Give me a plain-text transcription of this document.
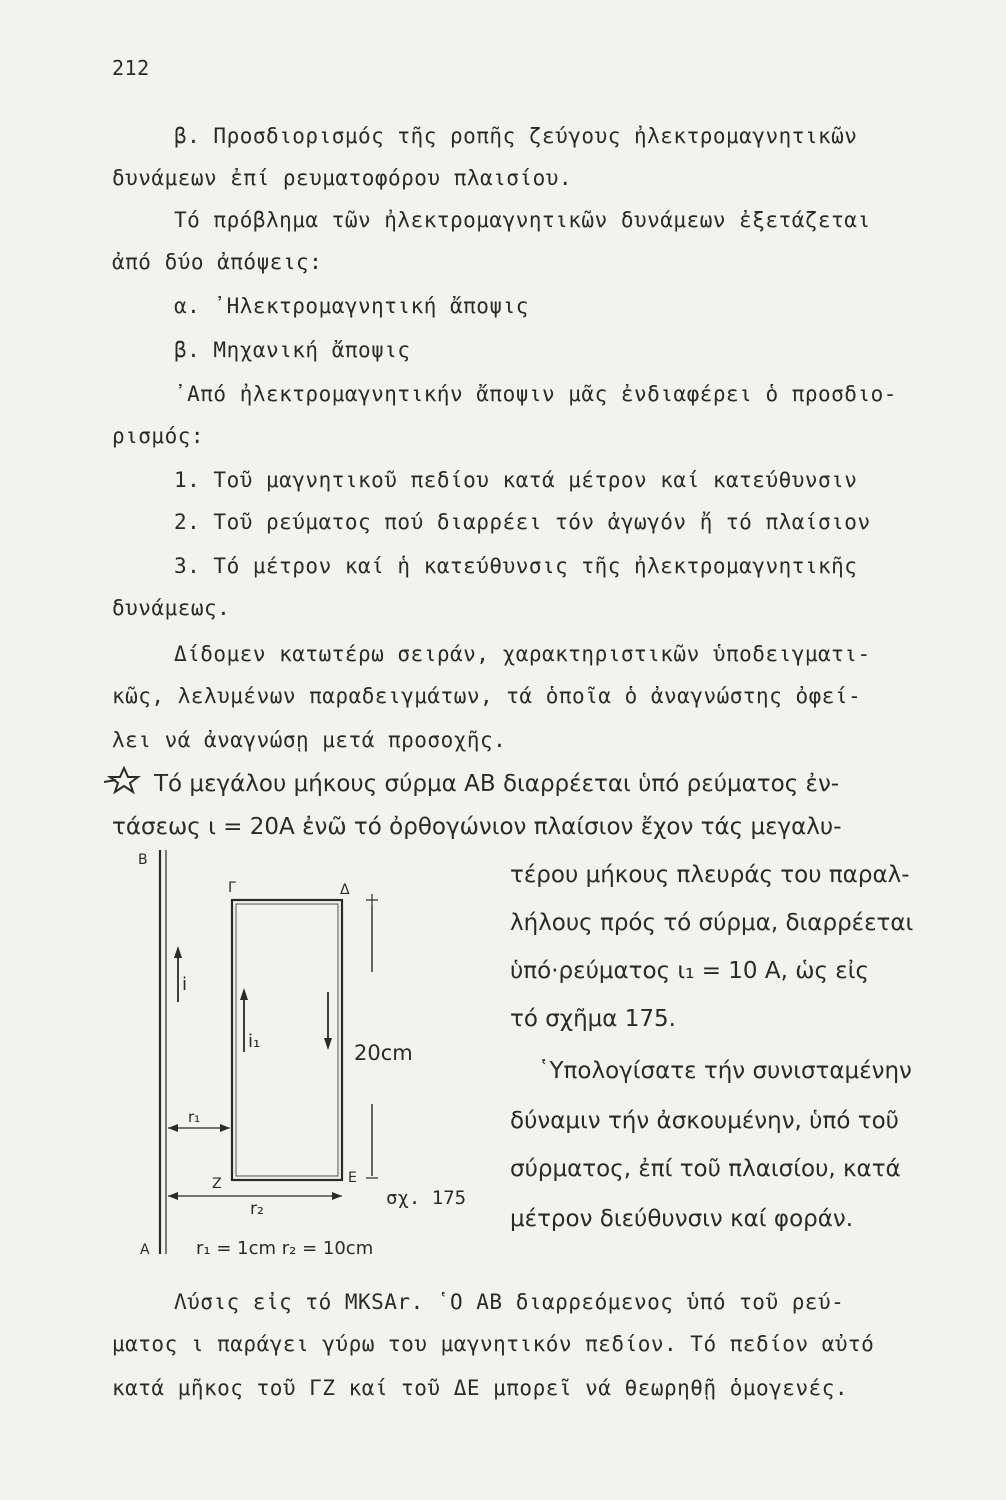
212
β. Προσδιορισμός τῆς ροπῆς ζεύγους ἠλεκτρομαγνητικῶν
δυνάμεων ἐπί ρευματοφόρου πλαισίου.
Τό πρόβλημα τῶν ἠλεκτρομαγνητικῶν δυνάμεων ἐξετάζεται
ἀπό δύο ἀπόψεις:
α. ᾿Ηλεκτρομαγνητική ἄποψις
β. Μηχανική ἄποψις
᾿Από ἠλεκτρομαγνητικήν ἄποψιν μᾶς ἐνδιαφέρει ὁ προσδιο-
ρισμός:
1. Τοῦ μαγνητικοῦ πεδίου κατά μέτρον καί κατεύθυνσιν
2. Τοῦ ρεύματος πού διαρρέει τόν ἀγωγόν ἤ τό πλαίσιον
3. Τό μέτρον καί ἡ κατεύθυνσις τῆς ἠλεκτρομαγνητικῆς
δυνάμεως.
Δίδομεν κατωτέρω σειράν, χαρακτηριστικῶν ὑποδειγματι-
κῶς, λελυμένων παραδειγμάτων, τά ὁποῖα ὁ ἀναγνώστης ὀφεί-
λει νά ἀναγνώσῃ μετά προσοχῆς.
Τό μεγάλου μήκους σύρμα ΑΒ διαρρέεται ὑπό ρεύματος ἐν-
τάσεως ι = 20Α ἐνῶ τό ὀρθογώνιον πλαίσιον ἔχον τάς μεγαλυ-
τέρου μήκους πλευράς του παραλ-
λήλους πρός τό σύρμα, διαρρέεται
ὑπό·ρεύματος ι₁ = 10 Α, ὡς εἰς
τό σχῆμα 175.
῾Υπολογίσατε τήν συνισταμένην
δύναμιν τήν ἀσκουμένην, ὑπό τοῦ
σύρματος, ἐπί τοῦ πλαισίου, κατά
μέτρον διεύθυνσιν καί φοράν.
Β
Α
i
Γ	Δ
Ζ	Ε
i₁	20cm
r₁
r₂	σχ. 175
r₁ = 1cm r₂ = 10cm
Λύσις εἰς τό MKSAr. ῾Ο ΑΒ διαρρεόμενος ὑπό τοῦ ρεύ-
ματος ι παράγει γύρω του μαγνητικόν πεδίον. Τό πεδίον αὐτό
κατά μῆκος τοῦ ΓΖ καί τοῦ ΔΕ μπορεῖ νά θεωρηθῇ ὁμογενές.
